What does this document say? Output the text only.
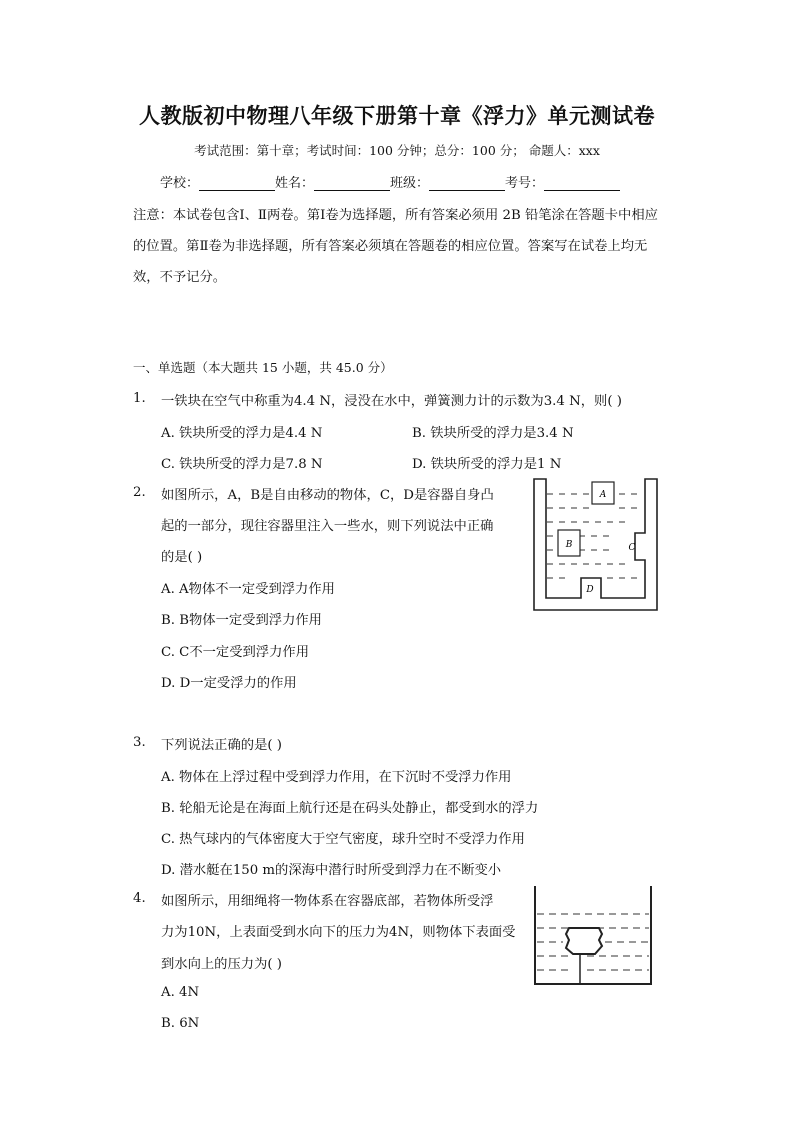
人教版初中物理八年级下册第十章《浮力》单元测试卷
考试范围：第十章；考试时间：100 分钟；总分：100 分； 命题人：xxx
学校：	姓名：	班级：	考号：
注意：本试卷包含Ⅰ、Ⅱ两卷。第Ⅰ卷为选择题，所有答案必须用 2B 铅笔涂在答题卡中相应的位置。第Ⅱ卷为非选择题，所有答案必须填在答题卷的相应位置。答案写在试卷上均无效，不予记分。
一、单选题（本大题共 15 小题，共 45.0 分）
1. 一铁块在空气中称重为4.4 N，浸没在水中，弹簧测力计的示数为3.4 N，则( )
A. 铁块所受的浮力是4.4 N	B. 铁块所受的浮力是3.4 N
C. 铁块所受的浮力是7.8 N	D. 铁块所受的浮力是1 N
2. 如图所示，A，B是自由移动的物体，C，D是容器自身凸
起的一部分，现往容器里注入一些水，则下列说法中正确
的是( )
A. A物体不一定受到浮力作用
B. B物体一定受到浮力作用
C. C不一定受到浮力作用
D. D一定受浮力的作用
A
B	C
D
3. 下列说法正确的是( )
A. 物体在上浮过程中受到浮力作用，在下沉时不受浮力作用
B. 轮船无论是在海面上航行还是在码头处静止，都受到水的浮力
C. 热气球内的气体密度大于空气密度，球升空时不受浮力作用
D. 潜水艇在150 m的深海中潜行时所受到浮力在不断变小
4. 如图所示，用细绳将一物体系在容器底部，若物体所受浮
力为10N，上表面受到水向下的压力为4N，则物体下表面受
到水向上的压力为( )
A. 4N
B. 6N
